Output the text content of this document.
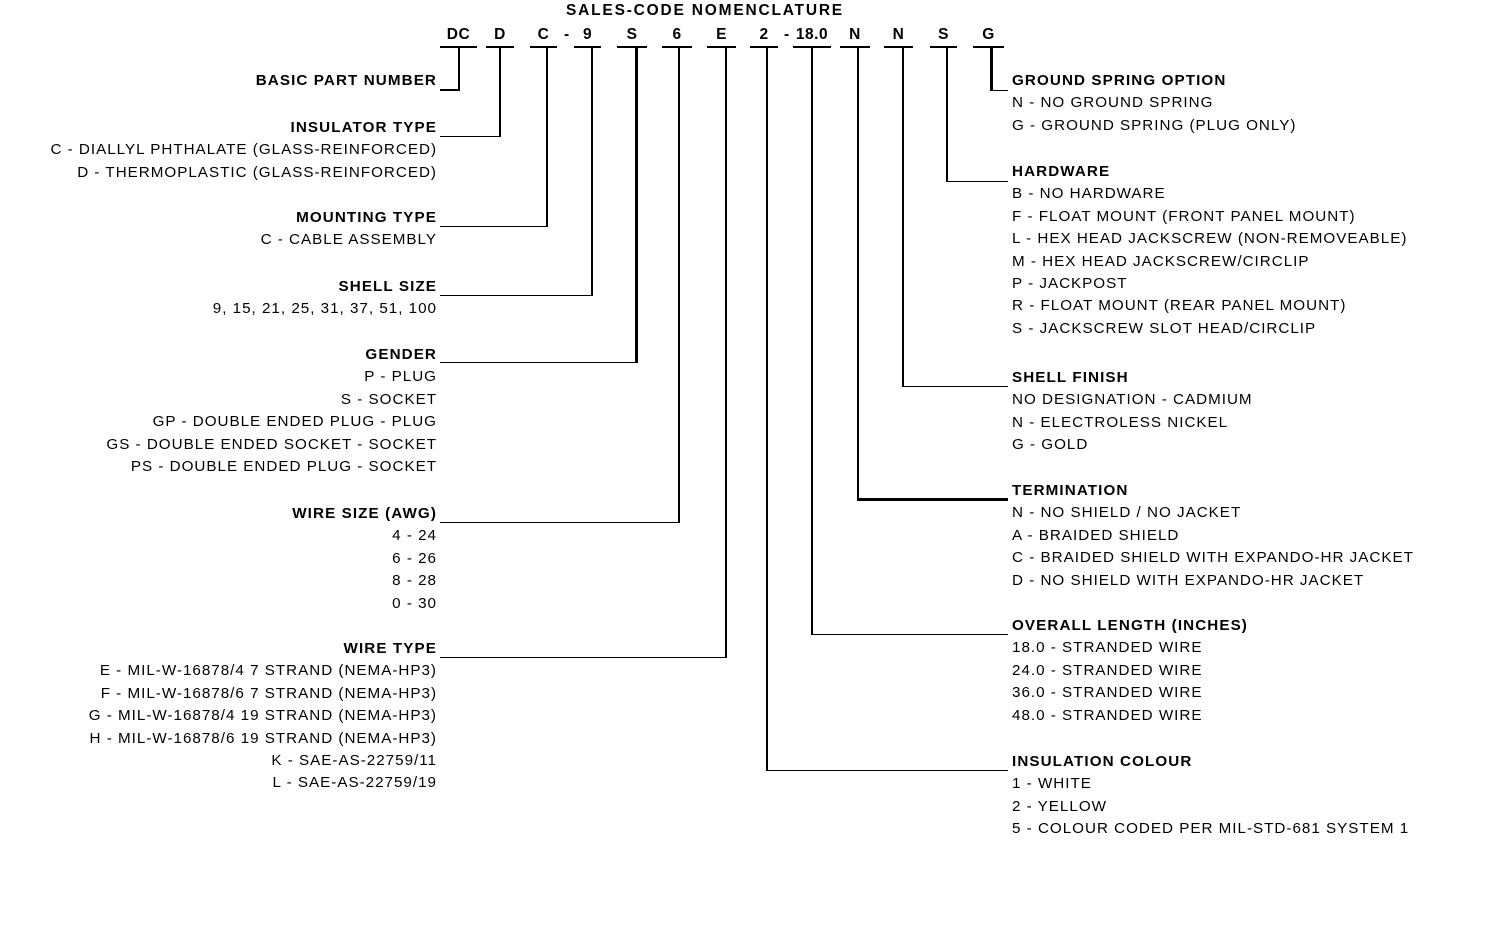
SALES-CODE NOMENCLATURE
DC	D	C - 9	S	6	E	2 - 18.0	N	N	S	G
BASIC PART NUMBER
INSULATOR TYPE
C - DIALLYL PHTHALATE (GLASS-REINFORCED)
D - THERMOPLASTIC (GLASS-REINFORCED)
MOUNTING TYPE
C - CABLE ASSEMBLY
SHELL SIZE
9, 15, 21, 25, 31, 37, 51, 100
GENDER
P - PLUG
S - SOCKET
GP - DOUBLE ENDED PLUG - PLUG
GS - DOUBLE ENDED SOCKET - SOCKET
PS - DOUBLE ENDED PLUG - SOCKET
WIRE SIZE (AWG)
4 - 24
6 - 26
8 - 28
0 - 30
WIRE TYPE
E - MIL-W-16878/4 7 STRAND (NEMA-HP3)
F - MIL-W-16878/6 7 STRAND (NEMA-HP3)
G - MIL-W-16878/4 19 STRAND (NEMA-HP3)
H - MIL-W-16878/6 19 STRAND (NEMA-HP3)
K - SAE-AS-22759/11
L - SAE-AS-22759/19
GROUND SPRING OPTION
N - NO GROUND SPRING
G - GROUND SPRING (PLUG ONLY)
HARDWARE
B - NO HARDWARE
F - FLOAT MOUNT (FRONT PANEL MOUNT)
L - HEX HEAD JACKSCREW (NON-REMOVEABLE)
M - HEX HEAD JACKSCREW/CIRCLIP
P - JACKPOST
R - FLOAT MOUNT (REAR PANEL MOUNT)
S - JACKSCREW SLOT HEAD/CIRCLIP
SHELL FINISH
NO DESIGNATION - CADMIUM
N - ELECTROLESS NICKEL
G - GOLD
TERMINATION
N - NO SHIELD / NO JACKET
A - BRAIDED SHIELD
C - BRAIDED SHIELD WITH EXPANDO-HR JACKET
D - NO SHIELD WITH EXPANDO-HR JACKET
OVERALL LENGTH (INCHES)
18.0 - STRANDED WIRE
24.0 - STRANDED WIRE
36.0 - STRANDED WIRE
48.0 - STRANDED WIRE
INSULATION COLOUR
1 - WHITE
2 - YELLOW
5 - COLOUR CODED PER MIL-STD-681 SYSTEM 1
